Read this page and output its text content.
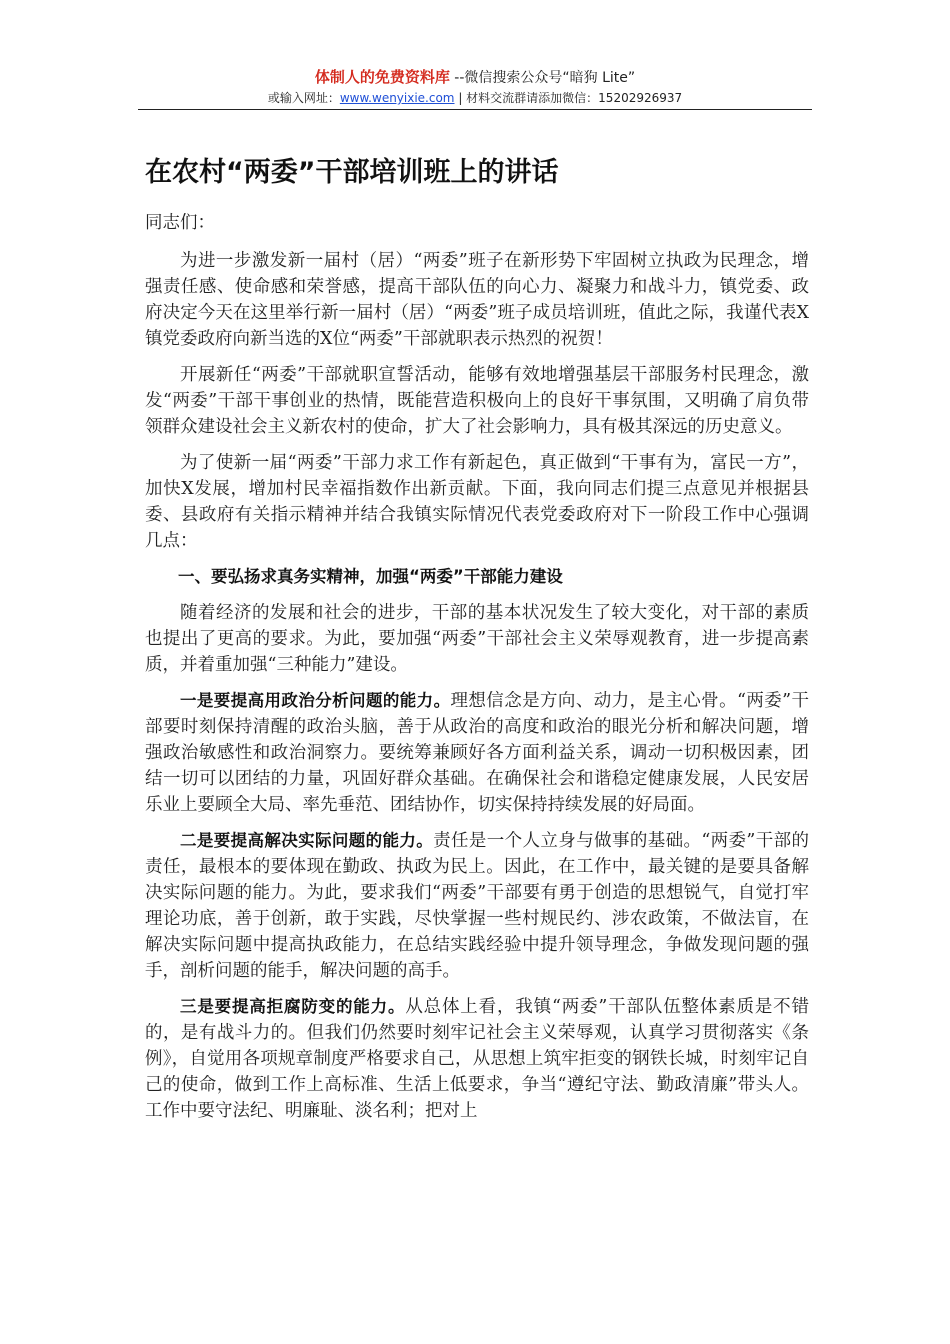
体制人的免费资料库 --微信搜索公众号“暗狗 Lite”
或输入网址：www.wenyixie.com | 材料交流群请添加微信：15202926937
在农村“两委”干部培训班上的讲话

同志们：

为进一步激发新一届村（居）“两委”班子在新形势下牢固树立执政为民理念，增强责任感、使命感和荣誉感，提高干部队伍的向心力、凝聚力和战斗力，镇党委、政府决定今天在这里举行新一届村（居）“两委”班子成员培训班，值此之际，我谨代表X镇党委政府向新当选的X位“两委”干部就职表示热烈的祝贺！

开展新任“两委”干部就职宣誓活动，能够有效地增强基层干部服务村民理念，激发“两委”干部干事创业的热情，既能营造积极向上的良好干事氛围，又明确了肩负带领群众建设社会主义新农村的使命，扩大了社会影响力，具有极其深远的历史意义。

为了使新一届“两委”干部力求工作有新起色，真正做到“干事有为，富民一方”，加快X发展，增加村民幸福指数作出新贡献。下面，我向同志们提三点意见并根据县委、县政府有关指示精神并结合我镇实际情况代表党委政府对下一阶段工作中心强调几点：

一、要弘扬求真务实精神，加强“两委”干部能力建设

随着经济的发展和社会的进步，干部的基本状况发生了较大变化，对干部的素质也提出了更高的要求。为此，要加强“两委”干部社会主义荣辱观教育，进一步提高素质，并着重加强“三种能力”建设。

一是要提高用政治分析问题的能力。理想信念是方向、动力，是主心骨。“两委”干部要时刻保持清醒的政治头脑，善于从政治的高度和政治的眼光分析和解决问题，增强政治敏感性和政治洞察力。要统筹兼顾好各方面利益关系，调动一切积极因素，团结一切可以团结的力量，巩固好群众基础。在确保社会和谐稳定健康发展，人民安居乐业上要顾全大局、率先垂范、团结协作，切实保持持续发展的好局面。

二是要提高解决实际问题的能力。责任是一个人立身与做事的基础。“两委”干部的责任，最根本的要体现在勤政、执政为民上。因此，在工作中，最关键的是要具备解决实际问题的能力。为此，要求我们“两委”干部要有勇于创造的思想锐气，自觉打牢理论功底，善于创新，敢于实践，尽快掌握一些村规民约、涉农政策，不做法盲，在解决实际问题中提高执政能力，在总结实践经验中提升领导理念，争做发现问题的强手，剖析问题的能手，解决问题的高手。

三是要提高拒腐防变的能力。从总体上看，我镇“两委”干部队伍整体素质是不错的，是有战斗力的。但我们仍然要时刻牢记社会主义荣辱观，认真学习贯彻落实《条例》，自觉用各项规章制度严格要求自己，从思想上筑牢拒变的钢铁长城，时刻牢记自己的使命，做到工作上高标准、生活上低要求，争当“遵纪守法、勤政清廉”带头人。工作中要守法纪、明廉耻、淡名利；把对上
